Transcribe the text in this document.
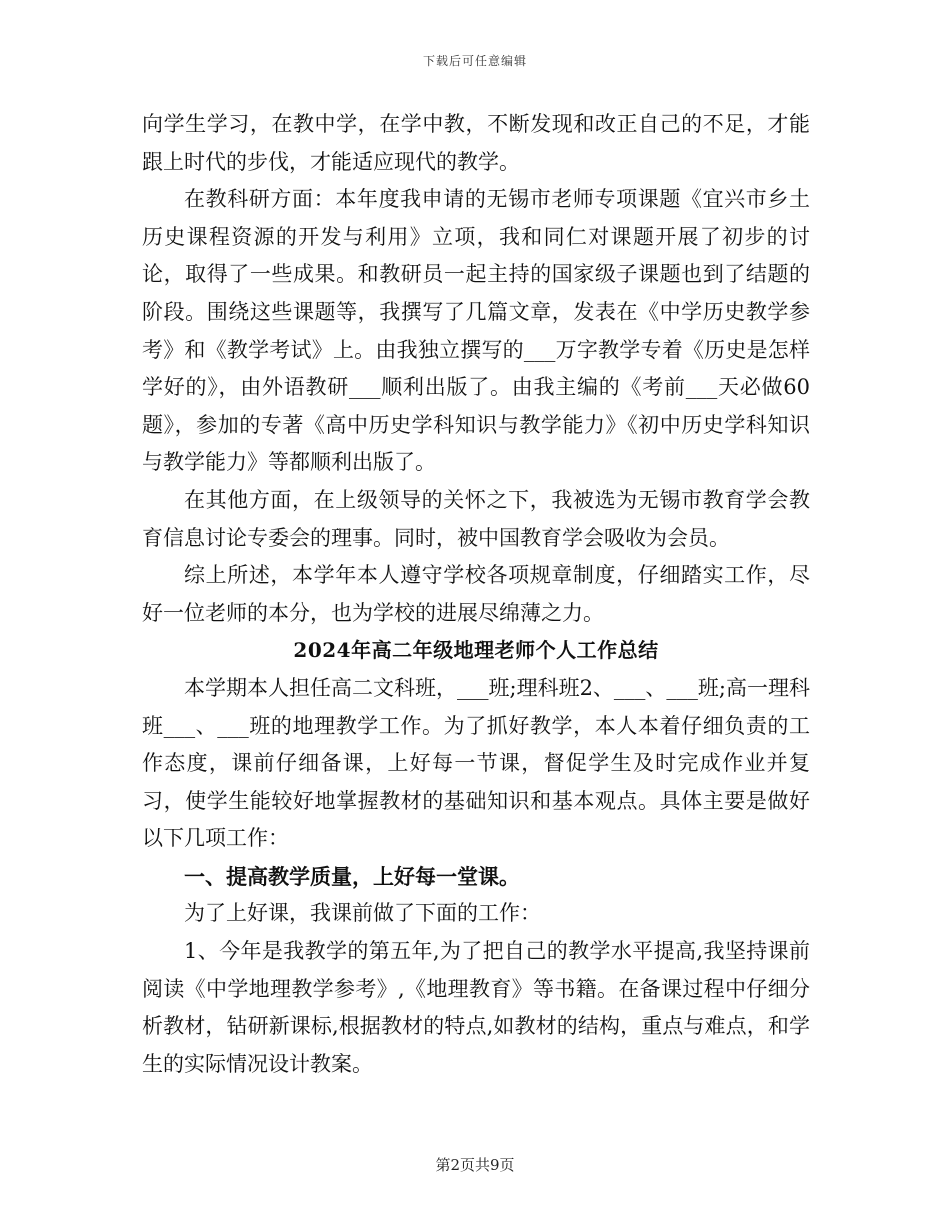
下载后可任意编辑

向学生学习，在教中学，在学中教，不断发现和改正自己的不足，才能跟上时代的步伐，才能适应现代的教学。

在教科研方面：本年度我申请的无锡市老师专项课题《宜兴市乡土历史课程资源的开发与利用》立项，我和同仁对课题开展了初步的讨论，取得了一些成果。和教研员一起主持的国家级子课题也到了结题的阶段。围绕这些课题等，我撰写了几篇文章，发表在《中学历史教学参考》和《教学考试》上。由我独立撰写的___万字教学专着《历史是怎样学好的》，由外语教研___顺利出版了。由我主编的《考前___天必做60题》，参加的专著《高中历史学科知识与教学能力》《初中历史学科知识与教学能力》等都顺利出版了。

在其他方面，在上级领导的关怀之下，我被选为无锡市教育学会教育信息讨论专委会的理事。同时，被中国教育学会吸收为会员。

综上所述，本学年本人遵守学校各项规章制度，仔细踏实工作，尽好一位老师的本分，也为学校的进展尽绵薄之力。

2024年高二年级地理老师个人工作总结

本学期本人担任高二文科班，___班;理科班2、___、___班;高一理科班___、___班的地理教学工作。为了抓好教学，本人本着仔细负责的工作态度，课前仔细备课，上好每一节课，督促学生及时完成作业并复习，使学生能较好地掌握教材的基础知识和基本观点。具体主要是做好以下几项工作：

一、提高教学质量，上好每一堂课。

为了上好课，我课前做了下面的工作：

1、今年是我教学的第五年,为了把自己的教学水平提高,我坚持课前阅读《中学地理教学参考》,《地理教育》等书籍。在备课过程中仔细分析教材，钻研新课标,根据教材的特点,如教材的结构，重点与难点，和学生的实际情况设计教案。

第2页共9页
